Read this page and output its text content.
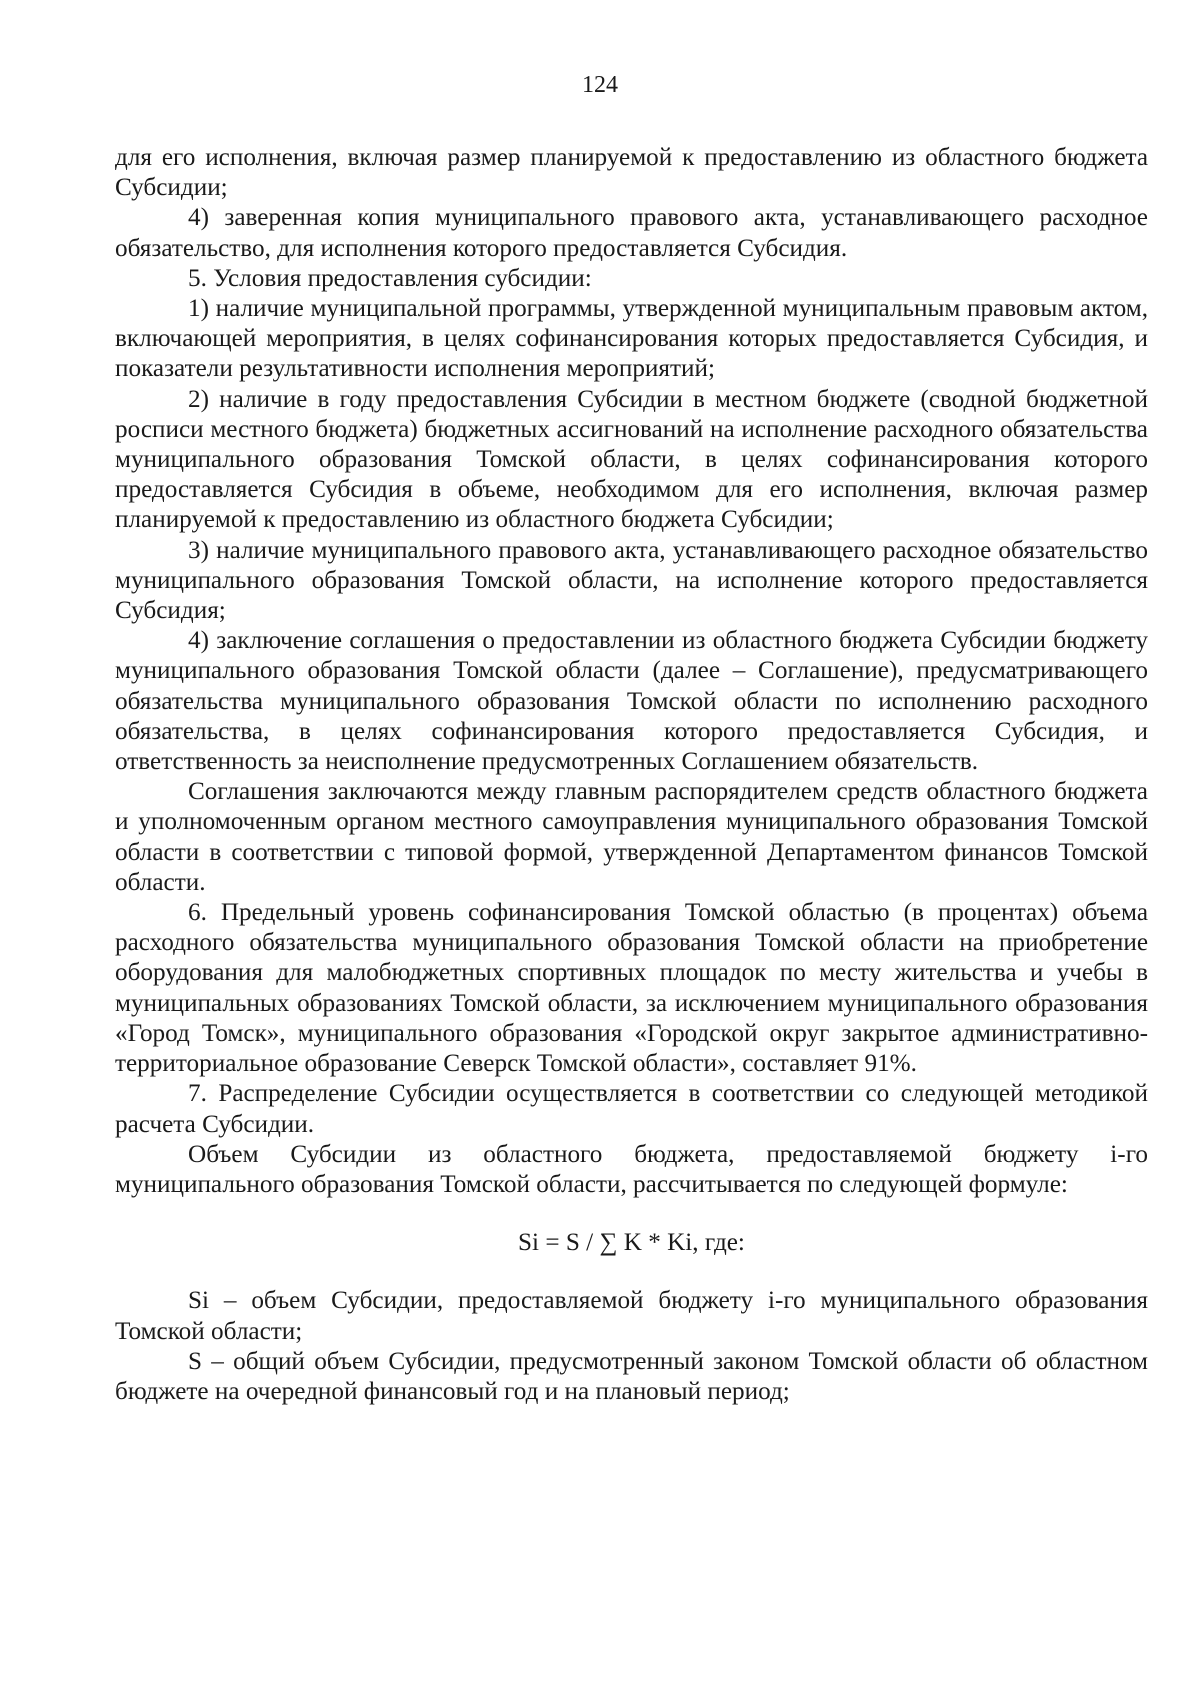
124

для его исполнения, включая размер планируемой к предоставлению из областного бюджета Субсидии;

4) заверенная копия муниципального правового акта, устанавливающего расходное обязательство, для исполнения которого предоставляется Субсидия.

5. Условия предоставления субсидии:

1) наличие муниципальной программы, утвержденной муниципальным правовым актом, включающей мероприятия, в целях софинансирования которых предоставляется Субсидия, и показатели результативности исполнения мероприятий;

2) наличие в году предоставления Субсидии в местном бюджете (сводной бюджетной росписи местного бюджета) бюджетных ассигнований на исполнение расходного обязательства муниципального образования Томской области, в целях софинансирования которого предоставляется Субсидия в объеме, необходимом для его исполнения, включая размер планируемой к предоставлению из областного бюджета Субсидии;

3) наличие муниципального правового акта, устанавливающего расходное обязательство муниципального образования Томской области, на исполнение которого предоставляется Субсидия;

4) заключение соглашения о предоставлении из областного бюджета Субсидии бюджету муниципального образования Томской области (далее – Соглашение), предусматривающего обязательства муниципального образования Томской области по исполнению расходного обязательства, в целях софинансирования которого предоставляется Субсидия, и ответственность за неисполнение предусмотренных Соглашением обязательств.

Соглашения заключаются между главным распорядителем средств областного бюджета и уполномоченным органом местного самоуправления муниципального образования Томской области в соответствии с типовой формой, утвержденной Департаментом финансов Томской области.

6. Предельный уровень софинансирования Томской областью (в процентах) объема расходного обязательства муниципального образования Томской области на приобретение оборудования для малобюджетных спортивных площадок по месту жительства и учебы в муниципальных образованиях Томской области, за исключением муниципального образования «Город Томск», муниципального образования «Городской округ закрытое административно-территориальное образование Северск Томской области», составляет 91%.

7. Распределение Субсидии осуществляется в соответствии со следующей методикой расчета Субсидии.

Объем Субсидии из областного бюджета, предоставляемой бюджету i-го муниципального образования Томской области, рассчитывается по следующей формуле:

Si = S / ∑ K * Ki, где:

Si – объем Субсидии, предоставляемой бюджету i-го муниципального образования Томской области;

S – общий объем Субсидии, предусмотренный законом Томской области об областном бюджете на очередной финансовый год и на плановый период;
